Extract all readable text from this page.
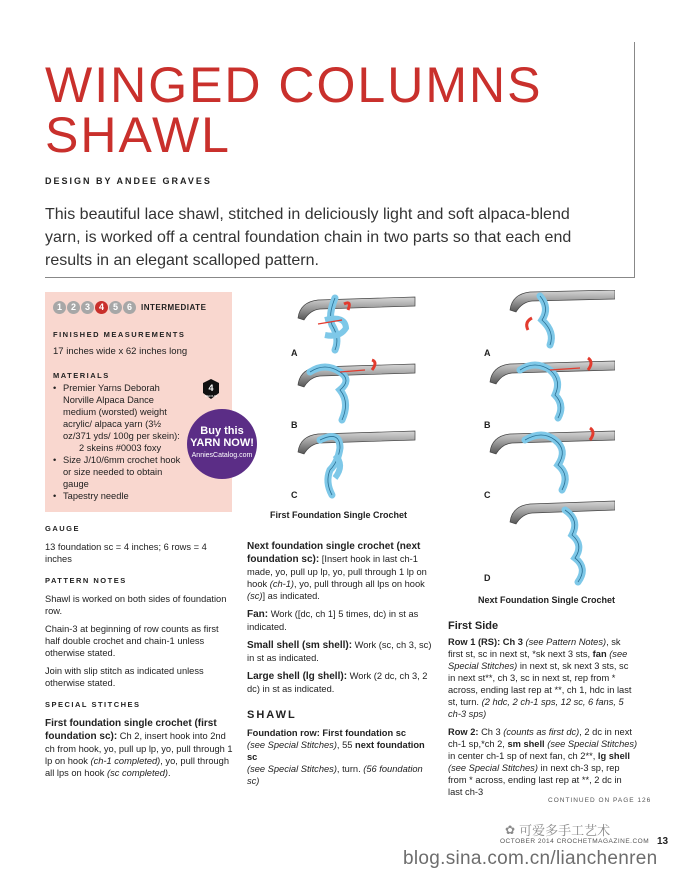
WINGED COLUMNS
SHAWL
DESIGN BY ANDEE GRAVES
This beautiful lace shawl, stitched in deliciously light and soft alpaca-blend yarn, is worked off a central foundation chain in two parts so that each end results in an elegant scalloped pattern.
1 2 3 4 5 6	INTERMEDIATE
FINISHED MEASUREMENTS
17 inches wide x 62 inches long
MATERIALS
• Premier Yarns Deborah Norville Alpaca Dance medium (worsted) weight acrylic/ alpaca yarn (3½ oz/371 yds/ 100g per skein):
2 skeins #0003 foxy
• Size J/10/6mm crochet hook or size needed to obtain gauge
• Tapestry needle
4
MEDIUM
Buy this
YARN NOW!
AnniesCatalog.com
GAUGE

13 foundation sc = 4 inches; 6 rows = 4 inches

PATTERN NOTES

Shawl is worked on both sides of foundation row.

Chain-3 at beginning of row counts as first half double crochet and chain-1 unless otherwise stated.

Join with slip stitch as indicated unless otherwise stated.

SPECIAL STITCHES

First foundation single crochet (first foundation sc): Ch 2, insert hook into 2nd ch from hook, yo, pull up lp, yo, pull through 1 lp on hook (ch-1 completed), yo, pull through all lps on hook (sc completed).

Next foundation single crochet (next foundation sc): [Insert hook in last ch-1 made, yo, pull up lp, yo, pull through 1 lp on hook (ch-1), yo, pull through all lps on hook (sc)] as indicated.

Fan: Work ([dc, ch 1] 5 times, dc) in st as indicated.

Small shell (sm shell): Work (sc, ch 3, sc) in st as indicated.

Large shell (lg shell): Work (2 dc, ch 3, 2 dc) in st as indicated.

SHAWL

Foundation row: First foundation sc
(see Special Stitches), 55 next foundation sc
(see Special Stitches), turn. (56 foundation sc)

First Side

Row 1 (RS): Ch 3 (see Pattern Notes), sk first st, sc in next st, *sk next 3 sts, fan (see Special Stitches) in next st, sk next 3 sts, sc in next st**, ch 3, sc in next st, rep from * across, ending last rep at **, ch 1, hdc in last st, turn. (2 hdc, 2 ch-1 sps, 12 sc, 6 fans, 5 ch-3 sps)

Row 2: Ch 3 (counts as first dc), 2 dc in next ch-1 sp,*ch 2, sm shell (see Special Stitches) in center ch-1 sp of next fan, ch 2**, lg shell (see Special Stitches) in next ch-3 sp, rep from * across, ending last rep at **, 2 dc in last ch-3

A
B
C
First Foundation Single Crochet
A
B
C
D
Next Foundation Single Crochet
CONTINUED ON PAGE 126
OCTOBER 2014 CROCHETMAGAZINE.COM 13
✿ 可爱多手工艺术
blog.sina.com.cn/lianchenren
